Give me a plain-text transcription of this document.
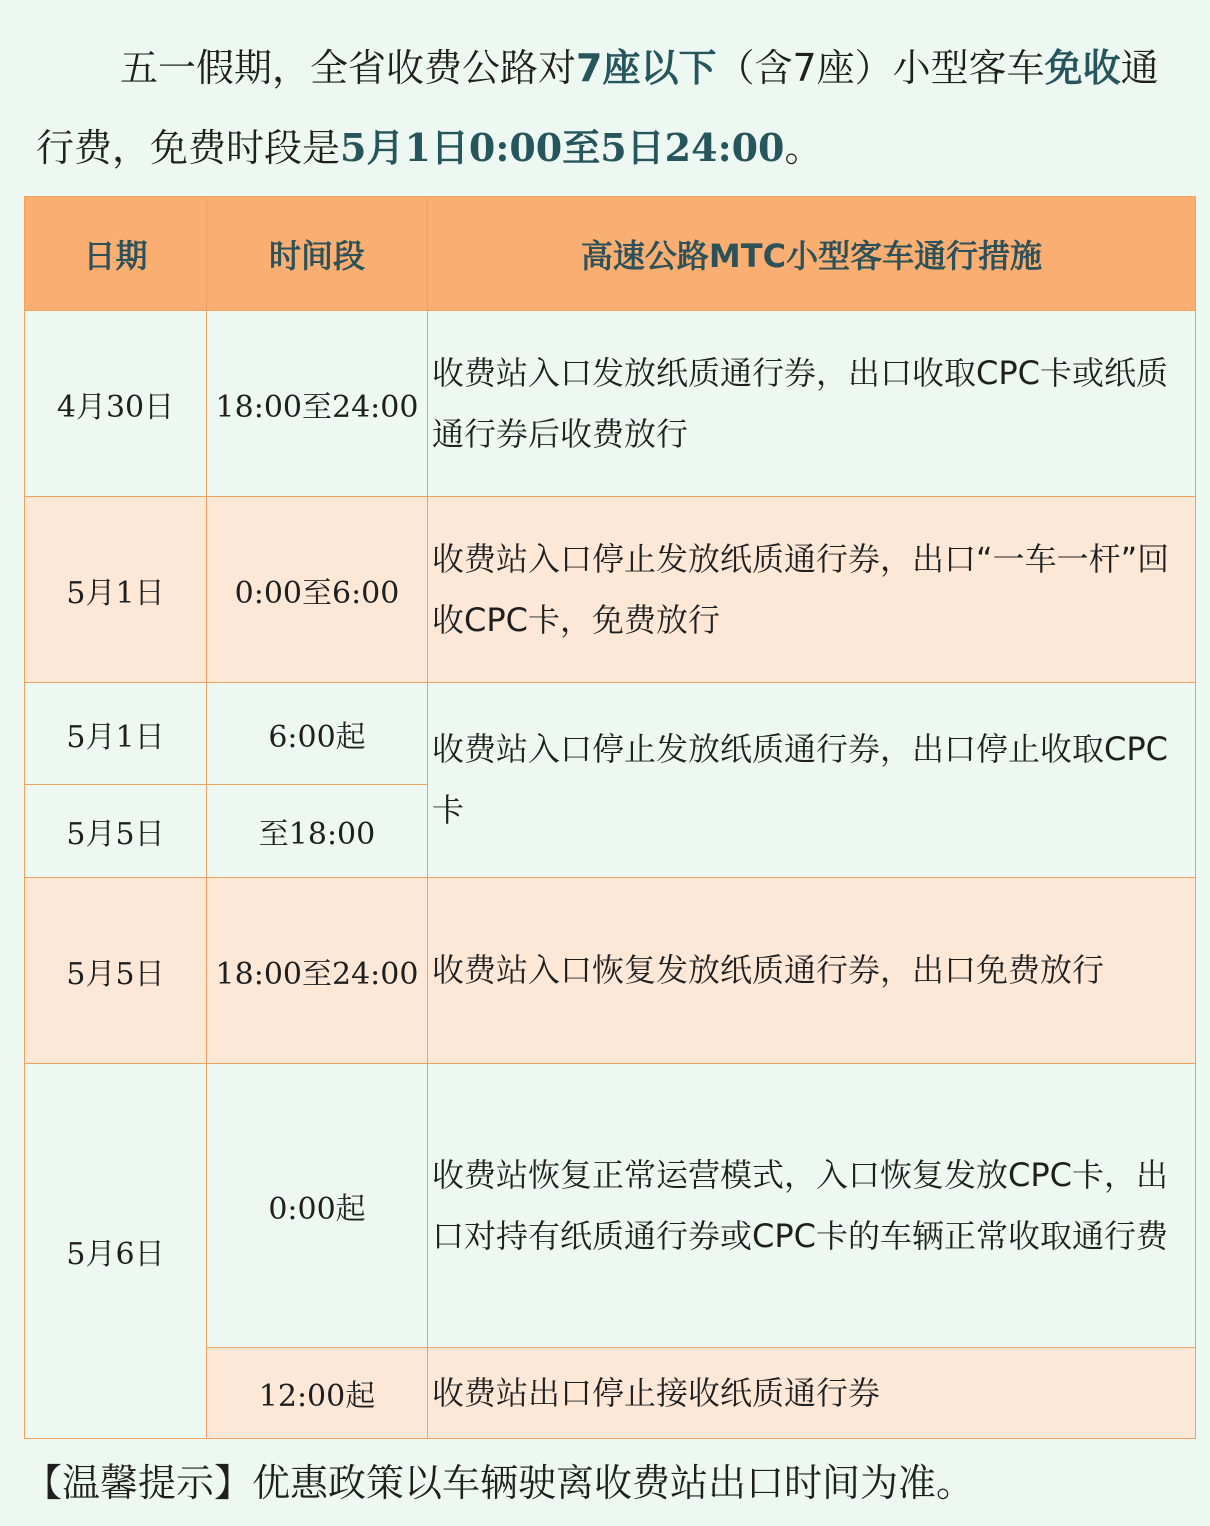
五一假期，全省收费公路对7座以下（含7座）小型客车免收通行费，免费时段是5月1日0:00至5日24:00。

日期	时间段	高速公路MTC小型客车通行措施
4月30日	18:00至24:00	收费站入口发放纸质通行券，出口收取CPC卡或纸质通行券后收费放行
5月1日	0:00至6:00	收费站入口停止发放纸质通行券，出口“一车一杆”回收CPC卡，免费放行
5月1日	6:00起	收费站入口停止发放纸质通行券，出口停止收取CPC卡
5月5日	至18:00	
5月5日	18:00至24:00	收费站入口恢复发放纸质通行券，出口免费放行
5月6日	0:00起	收费站恢复正常运营模式，入口恢复发放CPC卡，出口对持有纸质通行券或CPC卡的车辆正常收取通行费
	12:00起	收费站出口停止接收纸质通行券

【温馨提示】优惠政策以车辆驶离收费站出口时间为准。
